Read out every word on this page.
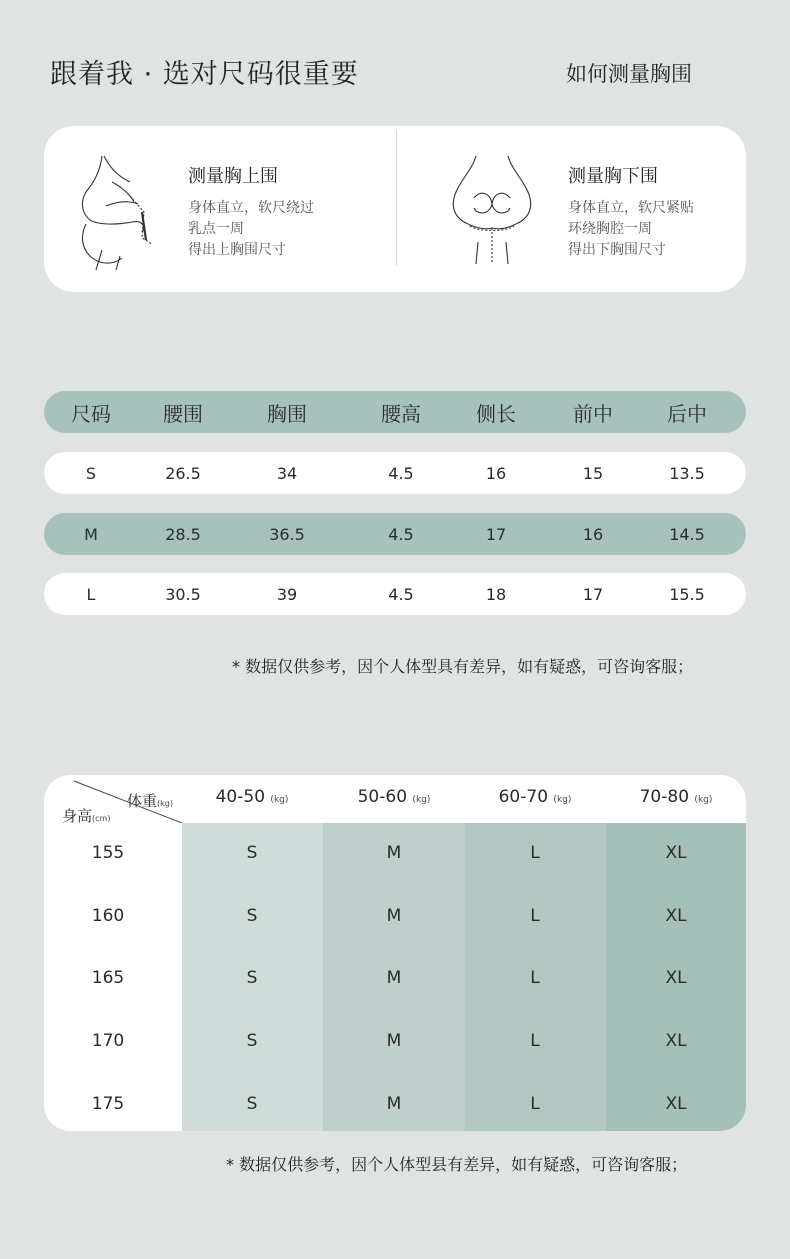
跟着我 · 选对尺码很重要	如何测量胸围
测量胸上围
身体直立，软尺绕过
乳点一周
得出上胸围尺寸
测量胸下围
身体直立，软尺紧贴
环绕胸腔一周
得出下胸围尺寸
尺码	腰围	胸围	腰高	侧长	前中	后中
S	26.5	34	4.5	16	15	13.5
M	28.5	36.5	4.5	17	16	14.5
L	30.5	39	4.5	18	17	15.5
* 数据仅供参考，因个人体型具有差异，如有疑惑，可咨询客服；
体重(kg)
身高(cm)
40-50 (kg)	50-60 (kg)	60-70 (kg)	70-80 (kg)
155	S	M	L	XL
160	S	M	L	XL
165	S	M	L	XL
170	S	M	L	XL
175	S	M	L	XL
* 数据仅供参考，因个人体型县有差异，如有疑惑，可咨询客服；
